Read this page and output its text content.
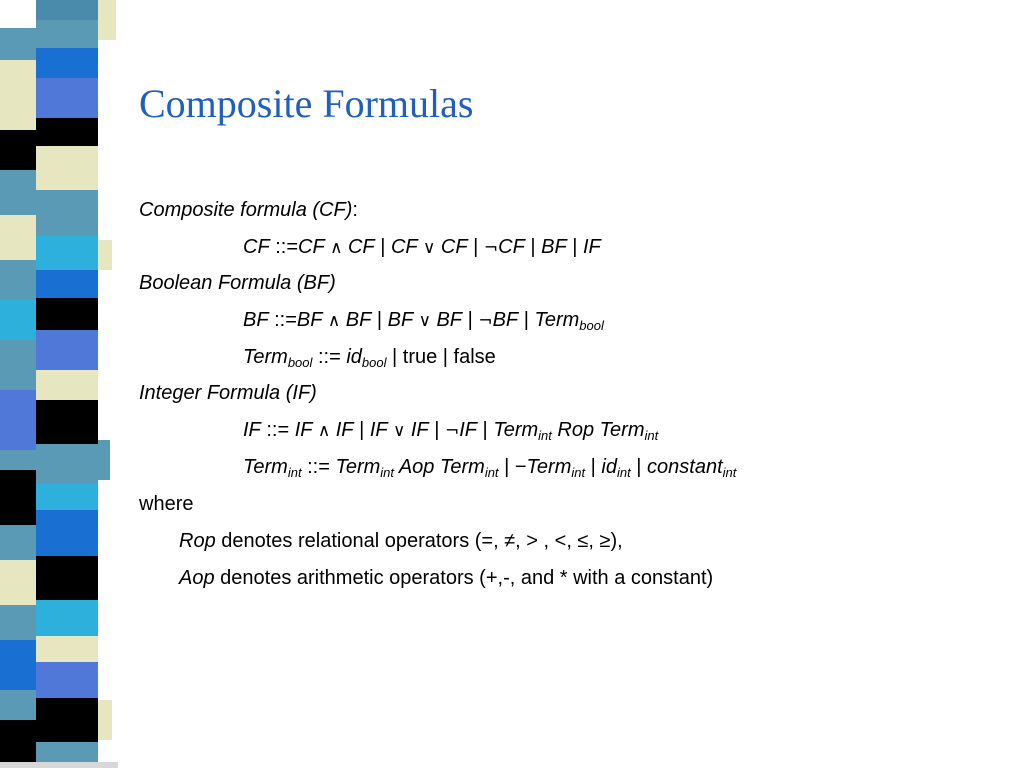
Composite Formulas
Composite formula (CF):
CF ::=CF ∧ CF | CF ∨ CF | ¬CF | BF | IF
Boolean Formula (BF)
BF ::=BF ∧ BF | BF ∨ BF | ¬BF | Term$_{bool}$
Term$_{bool}$ ::= $id_{bool}$ | true | false
Integer Formula (IF)
IF ::= IF ∧ IF | IF ∨ IF | ¬IF | Term$_{int}$ Rop Term$_{int}$
Term$_{int}$ ::= Term$_{int}$ Aop Term$_{int}$ | −Term$_{int}$ | $id_{int}$ | constant$_{int}$
where
Rop denotes relational operators (=, ≠, > , <, ≤, ≥),
Aop denotes arithmetic operators (+,-, and * with a constant)
